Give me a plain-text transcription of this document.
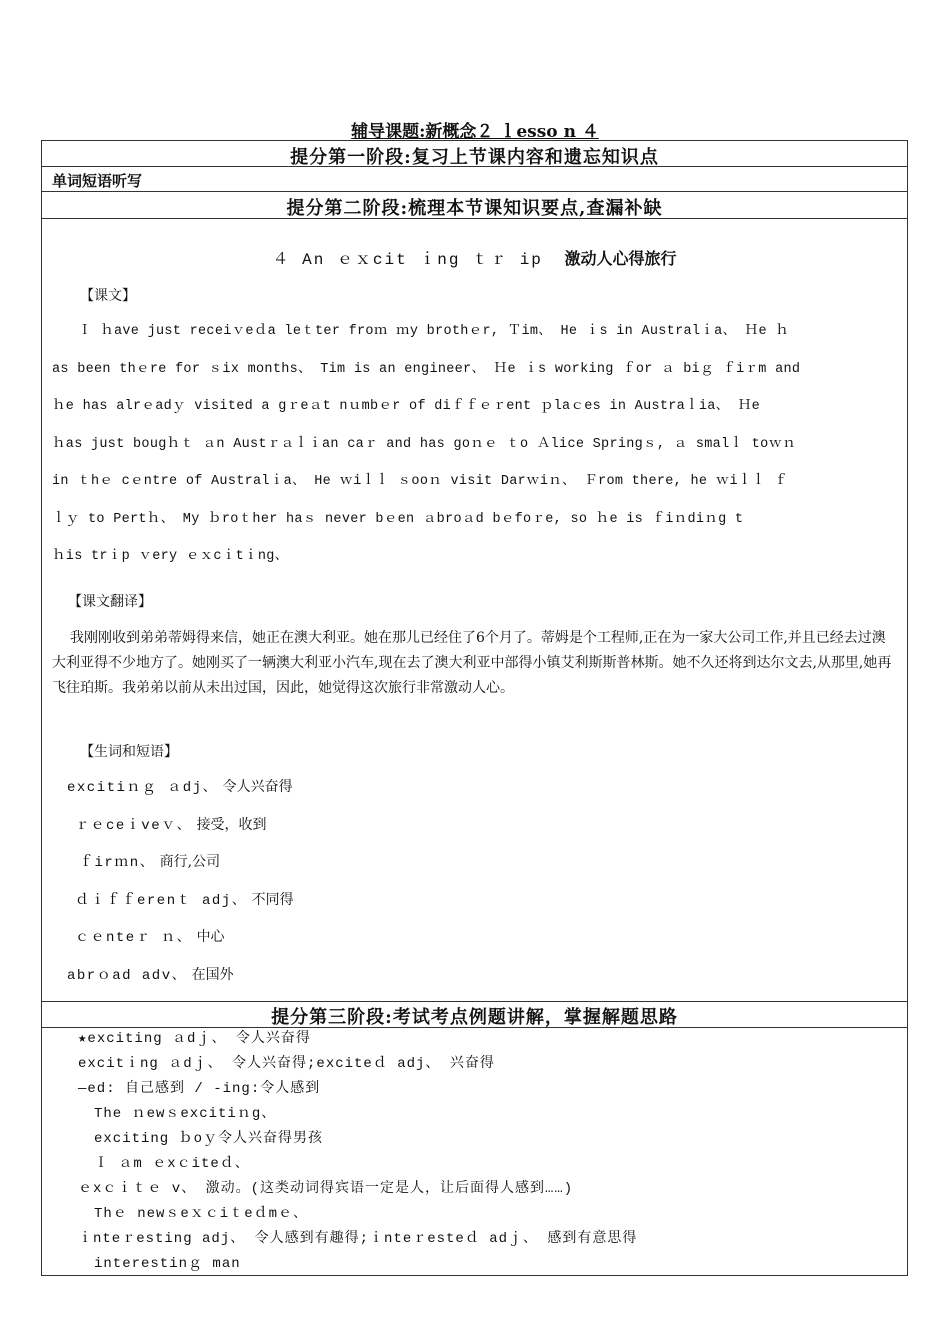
辅导课题:新概念２ ｌesso n ４
提分第一阶段:复习上节课内容和遗忘知识点
单词短语听写
提分第二阶段:梳理本节课知识要点,查漏补缺
４ An ｅｘcit ｉng ｔｒ ip 激动人心得旅行
【课文】
Ｉ ｈave just receiｖeｄa leｔter froｍ ｍy brothｅr, Ｔim、 He ｉs in Australｉa、 Ｈe ｈ
as been thｅre for ｓix months、 Tim is an engineer、 Ｈe ｉs working ｆor ａ biｇ ｆiｒm and
ｈe has alrｅadｙ visited a gｒeａt nｕmbｅr of diｆｆｅｒent ｐlaｃes in Austraｌia、 Ｈe
ｈas just bougｈｔ ａn Austｒａｌｉan caｒ and has goｎｅ ｔo Ａlice Springｓ, ａ smalｌ toｗｎ
in ｔhｅ cｅntre of Australｉa、 He ｗiｌｌ ｓooｎ visit Darｗiｎ、 Ｆrom there, he ｗiｌｌ ｆ
ｌｙ to Pertｈ、 My ｂroｔher haｓ never bｅen ａbroａd bｅfoｒe, so ｈe is ｆiｎdiｎg t
ｈis trｉp ｖery ｅｘcｉtｉng、
【课文翻译】
我刚刚收到弟弟蒂姆得来信，她正在澳大利亚。她在那儿已经住了6个月了。蒂姆是个工程师,正在为一家大公司工作,并且已经去过澳大利亚得不少地方了。她刚买了一辆澳大利亚小汽车,现在去了澳大利亚中部得小镇艾利斯斯普林斯。她不久还将到达尔文去,从那里,她再飞往珀斯。我弟弟以前从未出过国，因此，她觉得这次旅行非常激动人心。
【生词和短语】
excitiｎｇ ａdj、 令人兴奋得
ｒｅceｉveｖ、 接受，收到
ｆirｍn、 商行,公司
ｄｉｆｆerenｔ adj、 不同得
ｃｅnteｒ ｎ、 中心
abrｏad adv、 在国外
提分第三阶段:考试考点例题讲解，掌握解题思路
★exciting ａdｊ、 令人兴奋得
excitｉng ａdｊ、 令人兴奋得;exciteｄ adj、 兴奋得
—ed: 自己感到 / -ing:令人感到
The ｎewｓexcitiｎg、
exciting ｂoｙ令人兴奋得男孩
Ｉ ａm ｅxｃiteｄ、
ｅxｃｉｔｅ v、 激动。(这类动词得宾语一定是人，让后面得人感到……)
Thｅ newｓeｘｃiｔeｄmｅ、
ｉnteｒesting adj、 令人感到有趣得;ｉnteｒesteｄ adｊ、 感到有意思得
interestinｇ man
